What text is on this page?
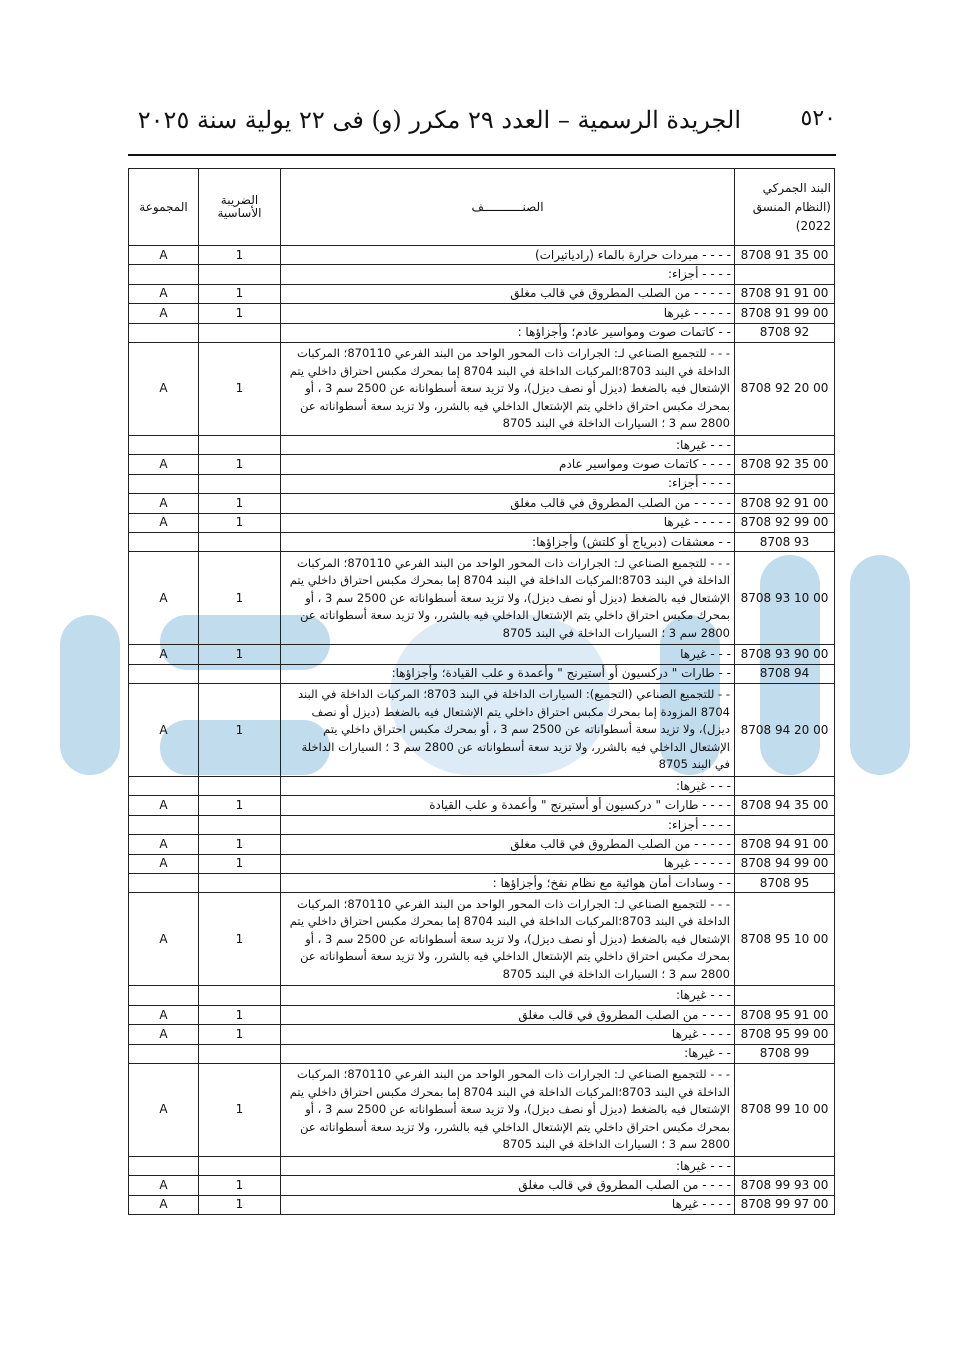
الجريدة الرسمية – العدد ٢٩ مكرر (و) فى ٢٢ يولية سنة ٢٠٢٥	٥٢٠
المجموعة	الضريبة الأساسية	الصنـــــــــــف	البند الجمركي (النظام المنسق 2022)
A	1	- - - - مبردات حرارة بالماء (رادياتيرات)	8708 91 35 00
		- - - - أجزاء:	
A	1	- - - - - من الصلب المطروق في قالب مغلق	8708 91 91 00
A	1	- - - - - غيرها	8708 91 99 00
		- - كاتمات صوت ومواسير عادم؛ وأجزاؤها :	8708 92
A	1	- - - للتجميع الصناعي لـ: الجرارات ذات المحور الواحد من البند الفرعي 870110؛ المركبات الداخلة في البند 8703؛المركبات الداخلة في البند 8704 إما بمحرك مكبس احتراق داخلي يتم الإشتعال فيه بالضغط (ديزل أو نصف ديزل)، ولا تزيد سعة أسطوانانه عن 2500 سم 3 ، أو بمحرك مكبس احتراق داخلي يتم الإشتعال الداخلي فيه بالشرر، ولا تزيد سعة أسطواناته عن 2800 سم 3 ؛ السيارات الداخلة في البند 8705	8708 92 20 00
		- - - غيرها:	
A	1	- - - - كاتمات صوت ومواسير عادم	8708 92 35 00
		- - - - أجزاء:	
A	1	- - - - - من الصلب المطروق في قالب مغلق	8708 92 91 00
A	1	- - - - - غيرها	8708 92 99 00
		- - معشقات (دبرياج أو كلتش) وأجزاؤها:	8708 93
A	1	- - - للتجميع الصناعي لـ: الجرارات ذات المحور الواحد من البند الفرعي 870110؛ المركبات الداخلة في البند 8703؛المركبات الداخلة في البند 8704 إما بمحرك مكبس احتراق داخلي يتم الإشتعال فيه بالضغط (ديزل أو نصف ديزل)، ولا تزيد سعة أسطواناته عن 2500 سم 3 ، أو بمحرك مكبس احتراق داخلي يتم الإشتعال الداخلي فيه بالشرر، ولا تزيد سعة أسطواناته عن 2800 سم 3 ؛ السيارات الداخلة في البند 8705	8708 93 10 00
A	1	- - - غيرها	8708 93 90 00
		- - طارات " دركسيون أو أستيرنج " وأعمدة و علب القيادة؛ وأجزاؤها:	8708 94
A	1	- - للتجميع الصناعي (التجميع): السيارات الداخلة في البند 8703؛ المركبات الداخلة في البند 8704 المزودة إما بمحرك مكبس احتراق داخلي يتم الإشتعال فيه بالضغط (ديزل أو نصف ديزل)، ولا تزيد سعة أسطواناته عن 2500 سم 3 ، أو بمحرك مكبس احتراق داخلي يتم الإشتعال الداخلي فيه بالشرر، ولا تزيد سعة أسطواناته عن 2800 سم 3 ؛ السيارات الداخلة في البند 8705	8708 94 20 00
		- - - غيرها:	
A	1	- - - - طارات " دركسيون أو أستيرنج " وأعمدة و علب القيادة	8708 94 35 00
		- - - - أجزاء:	
A	1	- - - - - من الصلب المطروق في قالب مغلق	8708 94 91 00
A	1	- - - - - غيرها	8708 94 99 00
		- - وسادات أمان هوائية مع نظام نفخ؛ وأجزاؤها :	8708 95
A	1	- - - للتجميع الصناعي لـ: الجرارات ذات المحور الواحد من البند الفرعي 870110؛ المركبات الداخلة في البند 8703؛المركبات الداخلة في البند 8704 إما بمحرك مكبس احتراق داخلي يتم الإشتعال فيه بالضغط (ديزل أو نصف ديزل)، ولا تزيد سعة أسطواناته عن 2500 سم 3 ، أو بمحرك مكبس احتراق داخلي يتم الإشتعال الداخلي فيه بالشرر، ولا تزيد سعة أسطواناته عن 2800 سم 3 ؛ السيارات الداخلة في البند 8705	8708 95 10 00
		- - - غيرها:	
A	1	- - - - من الصلب المطروق في قالب مغلق	8708 95 91 00
A	1	- - - - غيرها	8708 95 99 00
		- - غيرها:	8708 99
A	1	- - - للتجميع الصناعي لـ: الجرارات ذات المحور الواحد من البند الفرعي 870110؛ المركبات الداخلة في البند 8703؛المركبات الداخلة في البند 8704 إما بمحرك مكبس احتراق داخلي يتم الإشتعال فيه بالضغط (ديزل أو نصف ديزل)، ولا تزيد سعة أسطواناته عن 2500 سم 3 ، أو بمحرك مكبس احتراق داخلي يتم الإشتعال الداخلي فيه بالشرر، ولا تزيد سعة أسطواناته عن 2800 سم 3 ؛ السيارات الداخلة في البند 8705	8708 99 10 00
		- - - غيرها:	
A	1	- - - - من الصلب المطروق في قالب مغلق	8708 99 93 00
A	1	- - - - غيرها	8708 99 97 00
